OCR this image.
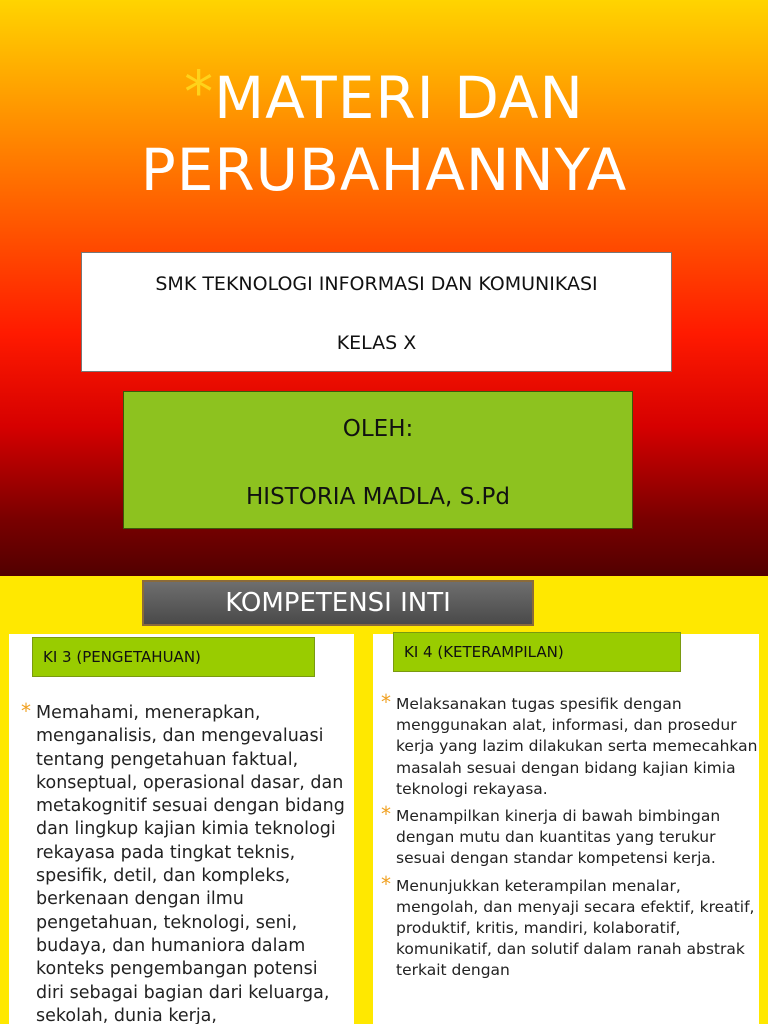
*MATERI DAN
PERUBAHANNYA
SMK TEKNOLOGI INFORMASI DAN KOMUNIKASI
KELAS X
OLEH:
HISTORIA MADLA, S.Pd
KOMPETENSI INTI
KI 3 (PENGETAHUAN)
* Memahami, menerapkan, menganalisis, dan mengevaluasi tentang pengetahuan faktual, konseptual, operasional dasar, dan metakognitif sesuai dengan bidang dan lingkup kajian kimia teknologi rekayasa pada tingkat teknis, spesifik, detil, dan kompleks, berkenaan dengan ilmu pengetahuan, teknologi, seni, budaya, dan humaniora dalam konteks pengembangan potensi diri sebagai bagian dari keluarga, sekolah, dunia kerja,
KI 4 (KETERAMPILAN)
* Melaksanakan tugas spesifik dengan menggunakan alat, informasi, dan prosedur kerja yang lazim dilakukan serta memecahkan masalah sesuai dengan bidang kajian kimia teknologi rekayasa.
* Menampilkan kinerja di bawah bimbingan dengan mutu dan kuantitas yang terukur sesuai dengan standar kompetensi kerja.
* Menunjukkan keterampilan menalar, mengolah, dan menyaji secara efektif, kreatif, produktif, kritis, mandiri, kolaboratif, komunikatif, dan solutif dalam ranah abstrak terkait dengan
